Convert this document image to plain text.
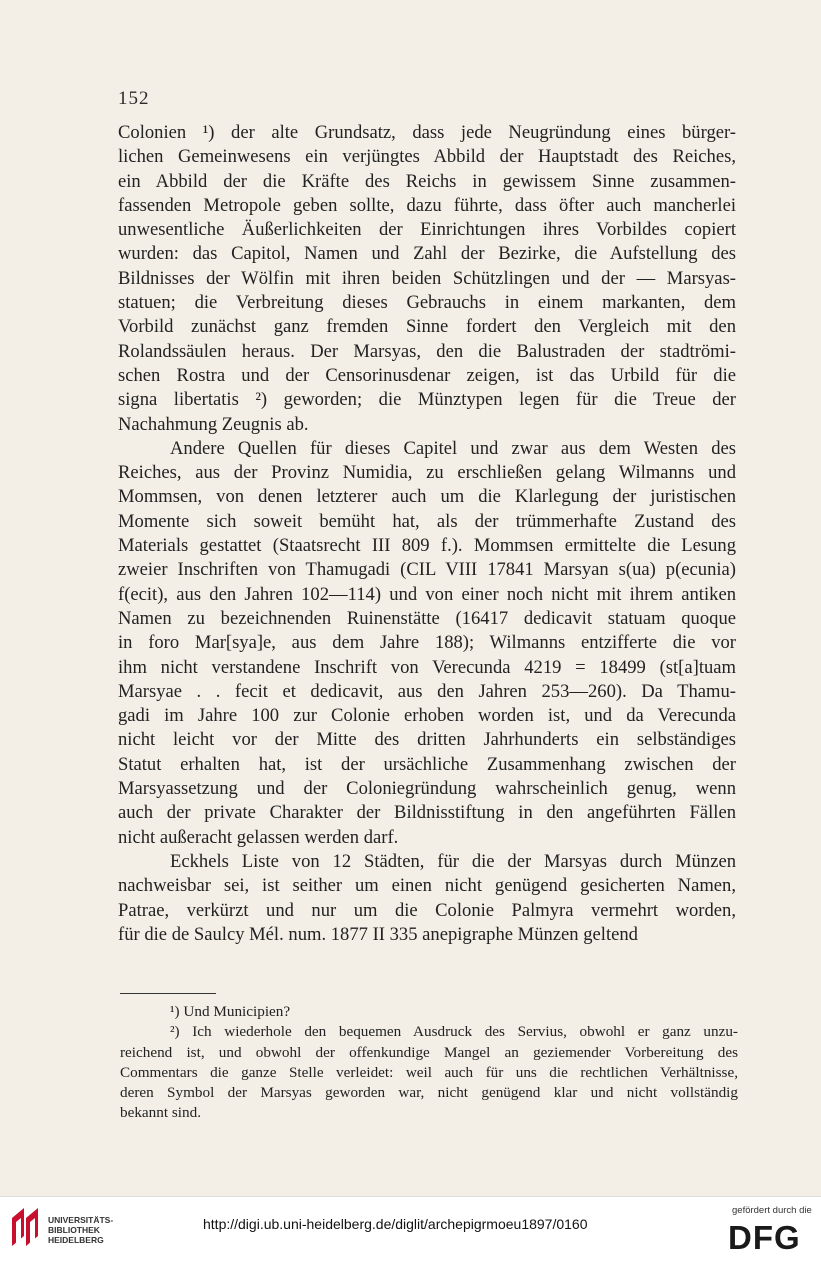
152
Colonien ¹) der alte Grundsatz, dass jede Neugründung eines bürger-
lichen Gemeinwesens ein verjüngtes Abbild der Hauptstadt des Reiches,
ein Abbild der die Kräfte des Reichs in gewissem Sinne zusammen-
fassenden Metropole geben sollte, dazu führte, dass öfter auch mancherlei
unwesentliche Äußerlichkeiten der Einrichtungen ihres Vorbildes copiert
wurden: das Capitol, Namen und Zahl der Bezirke, die Aufstellung des
Bildnisses der Wölfin mit ihren beiden Schützlingen und der — Marsyas-
statuen; die Verbreitung dieses Gebrauchs in einem markanten, dem
Vorbild zunächst ganz fremden Sinne fordert den Vergleich mit den
Rolandssäulen heraus. Der Marsyas, den die Balustraden der stadtrömi-
schen Rostra und der Censorinusdenar zeigen, ist das Urbild für die
signa libertatis ²) geworden; die Münztypen legen für die Treue der
Nachahmung Zeugnis ab.
Andere Quellen für dieses Capitel und zwar aus dem Westen des
Reiches, aus der Provinz Numidia, zu erschließen gelang Wilmanns und
Mommsen, von denen letzterer auch um die Klarlegung der juristischen
Momente sich soweit bemüht hat, als der trümmerhafte Zustand des
Materials gestattet (Staatsrecht III 809 f.). Mommsen ermittelte die Lesung
zweier Inschriften von Thamugadi (CIL VIII 17841 Marsyan s(ua) p(ecunia)
f(ecit), aus den Jahren 102—114) und von einer noch nicht mit ihrem antiken
Namen zu bezeichnenden Ruinenstätte (16417 dedicavit statuam quoque
in foro Mar[sya]e, aus dem Jahre 188); Wilmanns entzifferte die vor
ihm nicht verstandene Inschrift von Verecunda 4219 = 18499 (st[a]tuam
Marsyae . . fecit et dedicavit, aus den Jahren 253—260). Da Thamu-
gadi im Jahre 100 zur Colonie erhoben worden ist, und da Verecunda
nicht leicht vor der Mitte des dritten Jahrhunderts ein selbständiges
Statut erhalten hat, ist der ursächliche Zusammenhang zwischen der
Marsyassetzung und der Coloniegründung wahrscheinlich genug, wenn
auch der private Charakter der Bildnisstiftung in den angeführten Fällen
nicht außeracht gelassen werden darf.
Eckhels Liste von 12 Städten, für die der Marsyas durch Münzen
nachweisbar sei, ist seither um einen nicht genügend gesicherten Namen,
Patrae, verkürzt und nur um die Colonie Palmyra vermehrt worden,
für die de Saulcy Mél. num. 1877 II 335 anepigraphe Münzen geltend
¹) Und Municipien?
²) Ich wiederhole den bequemen Ausdruck des Servius, obwohl er ganz unzu-
reichend ist, und obwohl der offenkundige Mangel an geziemender Vorbereitung des
Commentars die ganze Stelle verleidet: weil auch für uns die rechtlichen Verhältnisse,
deren Symbol der Marsyas geworden war, nicht genügend klar und nicht vollständig
bekannt sind.
UNIVERSITÄTS-
BIBLIOTHEK
HEIDELBERG
http://digi.ub.uni-heidelberg.de/diglit/archepigrmoeu1897/0160
gefördert durch die
DFG
